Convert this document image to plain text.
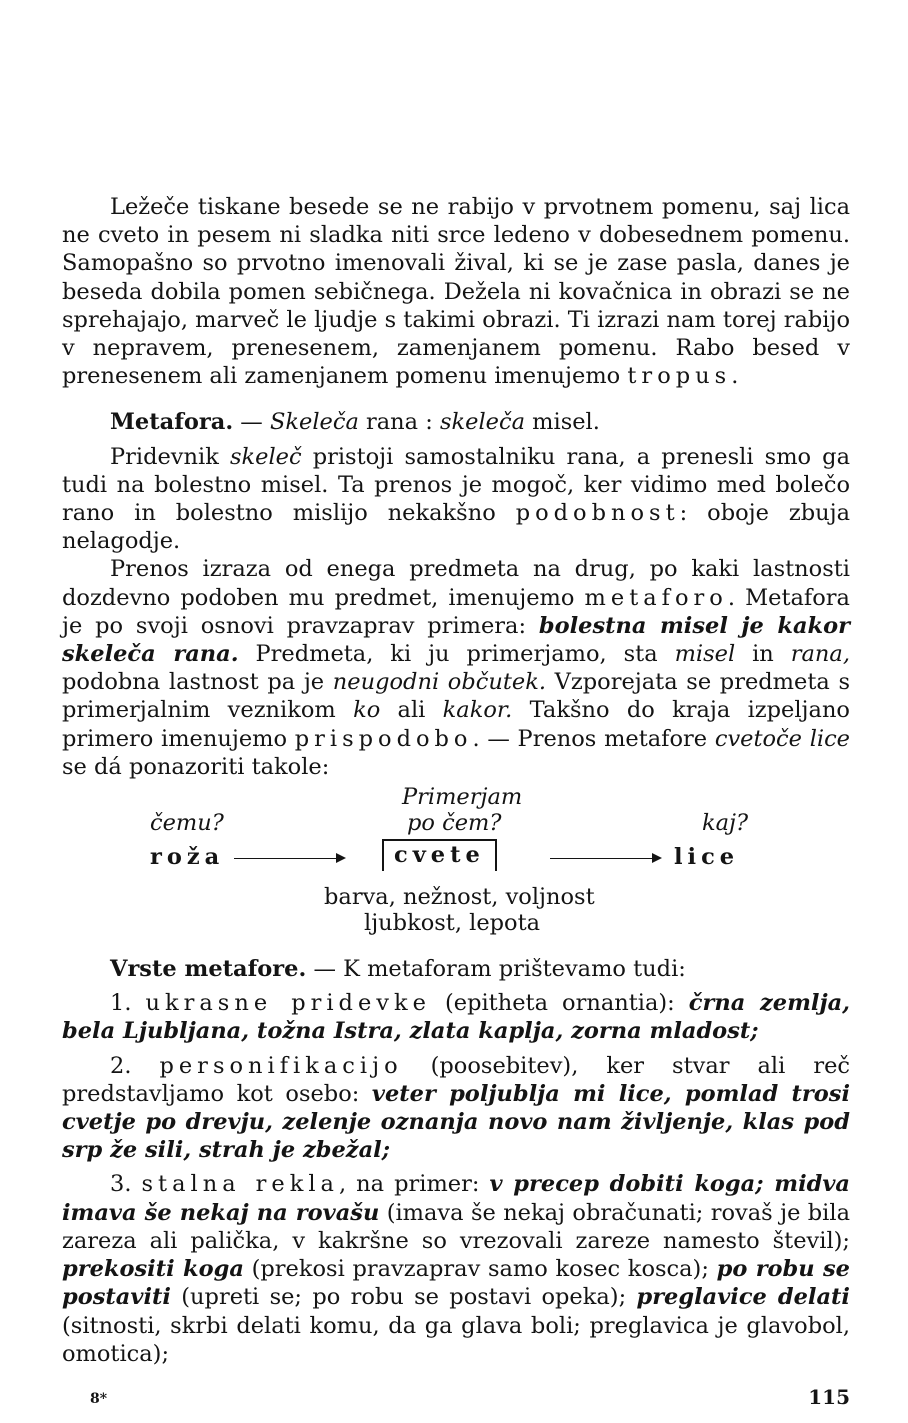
Ležeče tiskane besede se ne rabijo v prvotnem pomenu, saj lica ne cveto in pesem ni sladka niti srce ledeno v dobesednem pomenu. Samopašno so prvotno imenovali žival, ki se je zase pasla, danes je beseda dobila pomen sebičnega. Dežela ni kovačnica in obrazi se ne sprehajajo, marveč le ljudje s takimi obrazi. Ti izrazi nam torej rabijo v nepravem, prenesenem, zamenjanem pomenu. Rabo besed v prenesenem ali zamenjanem pomenu imenujemo tropus.

Metafora. — Skeleča rana : skeleča misel.

Pridevnik skeleč pristoji samostalniku rana, a prenesli smo ga tudi na bolestno misel. Ta prenos je mogoč, ker vidimo med bolečo rano in bolestno mislijo nekakšno podobnost: oboje zbuja nelagodje.

Prenos izraza od enega predmeta na drug, po kaki lastnosti dozdevno podoben mu predmet, imenujemo metaforo. Metafora je po svoji osnovi pravzaprav primera: bolestna misel je kakor skeleča rana. Predmeta, ki ju primerjamo, sta misel in rana, podobna lastnost pa je neugodni občutek. Vzporejata se predmeta s primerjalnim veznikom ko ali kakor. Takšno do kraja izpeljano primero imenujemo prispodobo. — Prenos metafore cvetoče lice se dá ponazoriti takole:

Primerjam
čemu?	po čem?	kaj?
roža	cvete	lice
barva, nežnost, voljnost
ljubkost, lepota

Vrste metafore. — K metaforam prištevamo tudi:

1. ukrasne pridevke (epitheta ornantia): črna zemlja, bela Ljubljana, tožna Istra, zlata kaplja, zorna mladost;

2. personifikacijo (poosebitev), ker stvar ali reč predstavljamo kot osebo: veter poljublja mi lice, pomlad trosi cvetje po drevju, zelenje oznanja novo nam življenje, klas pod srp že sili, strah je zbežal;

3. stalna rekla, na primer: v precep dobiti koga; midva imava še nekaj na rovašu (imava še nekaj obračunati; rovaš je bila zareza ali palička, v kakršne so vrezovali zareze namesto števil); prekositi koga (prekosi pravzaprav samo kosec kosca); po robu se postaviti (upreti se; po robu se postavi opeka); preglavice delati (sitnosti, skrbi delati komu, da ga glava boli; preglavica je glavobol, omotica);

8*	115
